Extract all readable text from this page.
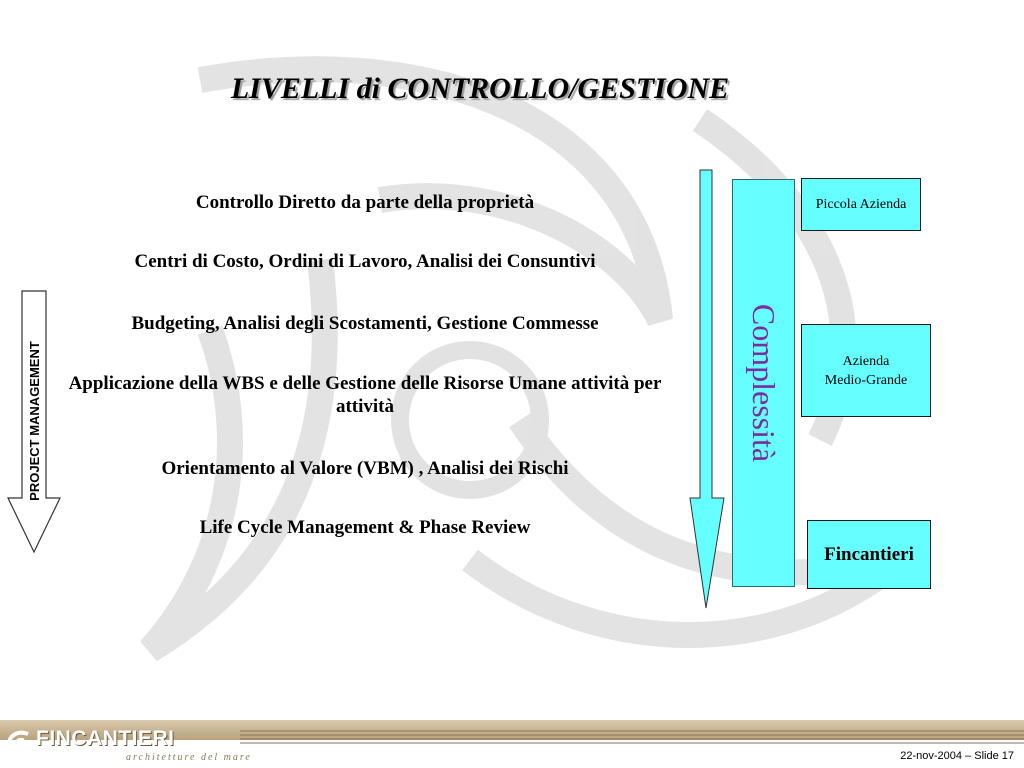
LIVELLI di CONTROLLO/GESTIONE
Controllo Diretto da parte della proprietà
Centri di Costo, Ordini di Lavoro, Analisi dei Consuntivi
Budgeting, Analisi degli Scostamenti, Gestione Commesse
Applicazione della WBS e delle Gestione delle Risorse Umane attività per attività
Orientamento al Valore (VBM) , Analisi dei Rischi
Life Cycle Management & Phase Review
PROJECT MANAGEMENT	Complessità
Piccola Azienda
Azienda
Medio-Grande
Fincantieri
FINCANTIERI
architetture del mare	22-nov-2004 – Slide 17
